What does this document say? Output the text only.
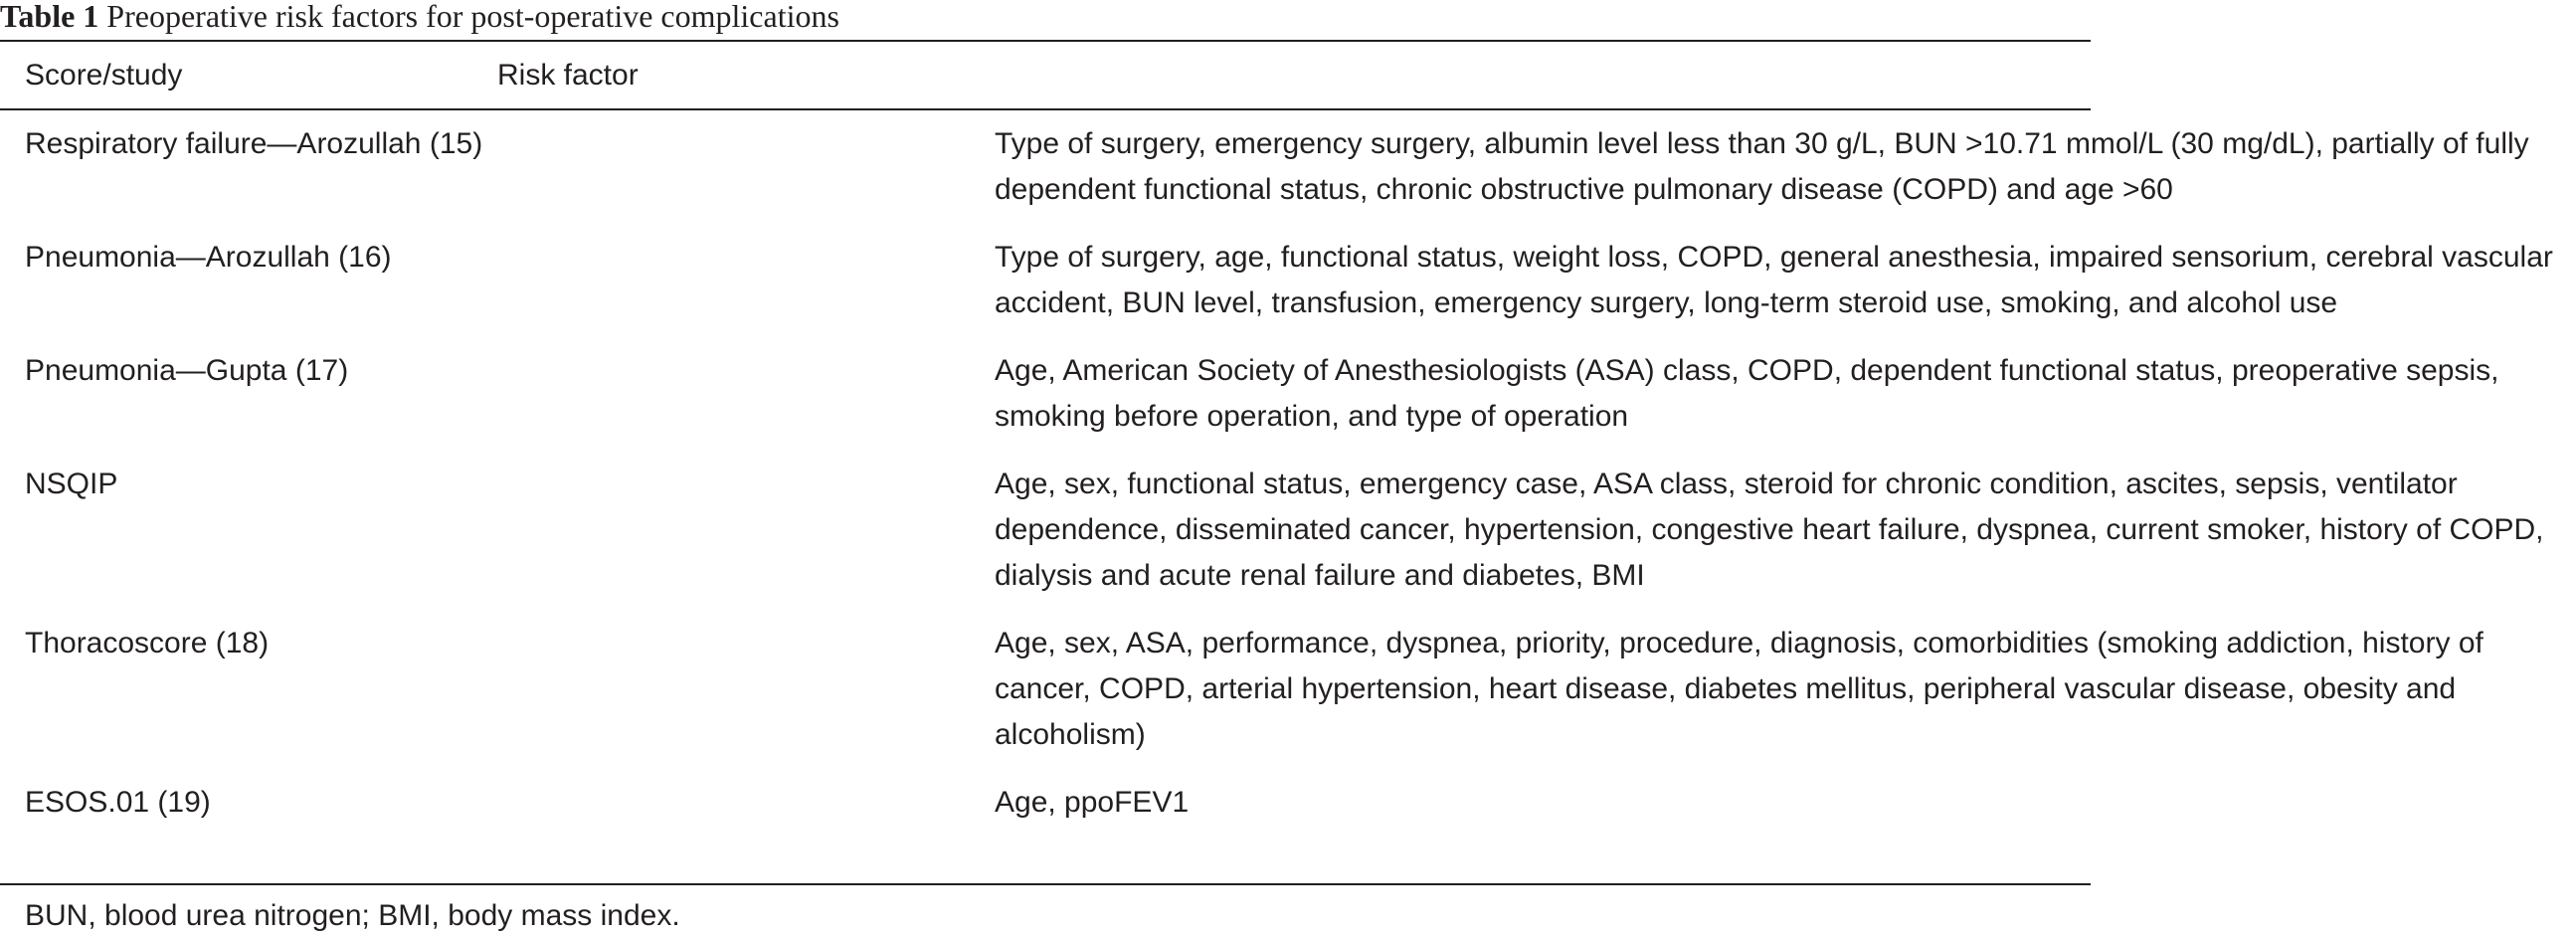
Table 1 Preoperative risk factors for post-operative complications
Score/study	Risk factor
Respiratory failure—Arozullah (15)	Type of surgery, emergency surgery, albumin level less than 30 g/L, BUN >10.71 mmol/L (30 mg/dL), partially of fully dependent functional status, chronic obstructive pulmonary disease (COPD) and age >60
Pneumonia—Arozullah (16)	Type of surgery, age, functional status, weight loss, COPD, general anesthesia, impaired sensorium, cerebral vascular accident, BUN level, transfusion, emergency surgery, long-term steroid use, smoking, and alcohol use
Pneumonia—Gupta (17)	Age, American Society of Anesthesiologists (ASA) class, COPD, dependent functional status, preoperative sepsis, smoking before operation, and type of operation
NSQIP	Age, sex, functional status, emergency case, ASA class, steroid for chronic condition, ascites, sepsis, ventilator dependence, disseminated cancer, hypertension, congestive heart failure, dyspnea, current smoker, history of COPD, dialysis and acute renal failure and diabetes, BMI
Thoracoscore (18)	Age, sex, ASA, performance, dyspnea, priority, procedure, diagnosis, comorbidities (smoking addiction, history of cancer, COPD, arterial hypertension, heart disease, diabetes mellitus, peripheral vascular disease, obesity and alcoholism)
ESOS.01 (19)	Age, ppoFEV1
BUN, blood urea nitrogen; BMI, body mass index.
